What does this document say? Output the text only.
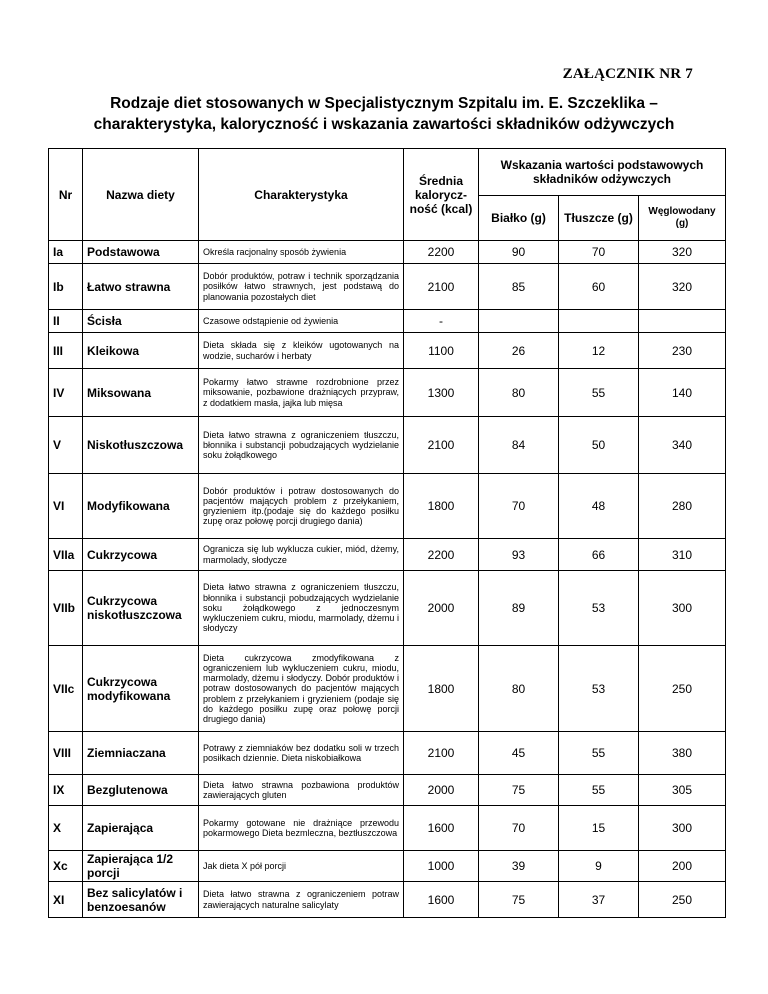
ZAŁĄCZNIK NR 7
Rodzaje diet stosowanych w Specjalistycznym Szpitalu im. E. Szczeklika –
charakterystyka, kaloryczność i wskazania zawartości składników odżywczych
Nr	Nazwa diety	Charakterystyka	Średnia kalorycz-ność (kcal)	Wskazania wartości podstawowych składników odżywczych		
				Białko (g)	Tłuszcze (g)	Węglowodany (g)
Ia	Podstawowa	Określa racjonalny sposób żywienia	2200	90	70	320
Ib	Łatwo strawna	Dobór produktów, potraw i technik sporządzania posiłków łatwo strawnych, jest podstawą do planowania pozostałych diet	2100	85	60	320
II	Ścisła	Czasowe odstąpienie od żywienia	-			
III	Kleikowa	Dieta składa się z kleików ugotowanych na wodzie, sucharów i herbaty	1100	26	12	230
IV	Miksowana	Pokarmy łatwo strawne rozdrobnione przez miksowanie, pozbawione drażniących przypraw, z dodatkiem masła, jajka lub mięsa	1300	80	55	140
V	Niskotłuszczowa	Dieta łatwo strawna z ograniczeniem tłuszczu, błonnika i substancji pobudzających wydzielanie soku żołądkowego	2100	84	50	340
VI	Modyfikowana	Dobór produktów i potraw dostosowanych do pacjentów mających problem z przełykaniem, gryzieniem itp.(podaje się do każdego posiłku zupę oraz połowę porcji drugiego dania)	1800	70	48	280
VIIa	Cukrzycowa	Ogranicza się lub wyklucza cukier, miód, dżemy, marmolady, słodycze	2200	93	66	310
VIIb	Cukrzycowa niskotłuszczowa	Dieta łatwo strawna z ograniczeniem tłuszczu, błonnika i substancji pobudzających wydzielanie soku żołądkowego z jednoczesnym wykluczeniem cukru, miodu, marmolady, dżemu i słodyczy	2000	89	53	300
VIIc	Cukrzycowa modyfikowana	Dieta cukrzycowa zmodyfikowana z ograniczeniem lub wykluczeniem cukru, miodu, marmolady, dżemu i słodyczy. Dobór produktów i potraw dostosowanych do pacjentów mających problem z przełykaniem i gryzieniem (podaje się do każdego posiłku zupę oraz połowę porcji drugiego dania)	1800	80	53	250
VIII	Ziemniaczana	Potrawy z ziemniaków bez dodatku soli w trzech posiłkach dziennie. Dieta niskobiałkowa	2100	45	55	380
IX	Bezglutenowa	Dieta łatwo strawna pozbawiona produktów zawierających gluten	2000	75	55	305
X	Zapierająca	Pokarmy gotowane nie drażniące przewodu pokarmowego Dieta bezmleczna, beztłuszczowa	1600	70	15	300
Xc	Zapierająca 1/2 porcji	Jak dieta X pół porcji	1000	39	9	200
XI	Bez salicylatów i benzoesanów	Dieta łatwo strawna z ograniczeniem potraw zawierających naturalne salicylaty	1600	75	37	250
